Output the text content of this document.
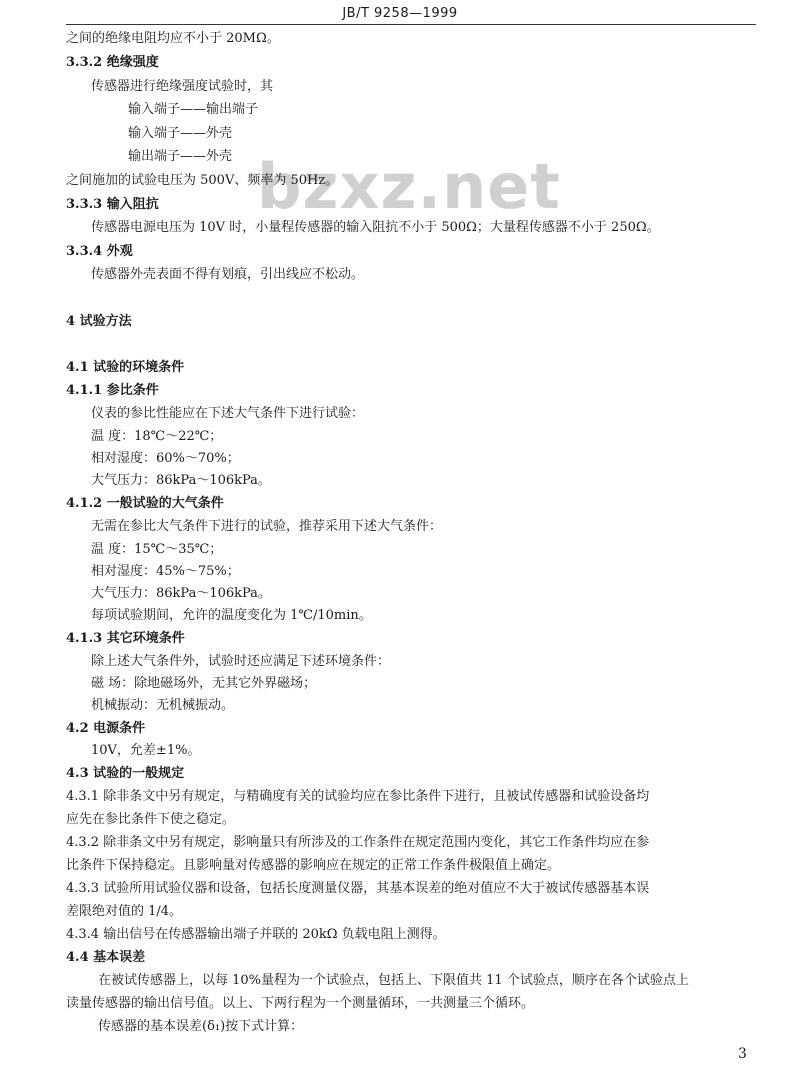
JB/T 9258—1999
bzxz.net
之间的绝缘电阻均应不小于 20MΩ。
3.3.2 绝缘强度
传感器进行绝缘强度试验时，其
输入端子——输出端子
输入端子——外壳
输出端子——外壳
之间施加的试验电压为 500V、频率为 50Hz。
3.3.3 输入阻抗
传感器电源电压为 10V 时，小量程传感器的输入阻抗不小于 500Ω；大量程传感器不小于 250Ω。
3.3.4 外观
传感器外壳表面不得有划痕，引出线应不松动。
4 试验方法
4.1 试验的环境条件
4.1.1 参比条件
仪表的参比性能应在下述大气条件下进行试验：
温 度：18℃～22℃；
相对湿度：60%～70%；
大气压力：86kPa～106kPa。
4.1.2 一般试验的大气条件
无需在参比大气条件下进行的试验，推荐采用下述大气条件：
温 度：15℃～35℃；
相对湿度：45%～75%；
大气压力：86kPa～106kPa。
每项试验期间，允许的温度变化为 1℃/10min。
4.1.3 其它环境条件
除上述大气条件外，试验时还应满足下述环境条件：
磁 场：除地磁场外，无其它外界磁场；
机械振动：无机械振动。
4.2 电源条件
10V，允差±1%。
4.3 试验的一般规定
4.3.1 除非条文中另有规定，与精确度有关的试验均应在参比条件下进行，且被试传感器和试验设备均
应先在参比条件下使之稳定。
4.3.2 除非条文中另有规定，影响量只有所涉及的工作条件在规定范围内变化，其它工作条件均应在参
比条件下保持稳定。且影响量对传感器的影响应在规定的正常工作条件极限值上确定。
4.3.3 试验所用试验仪器和设备，包括长度测量仪器，其基本误差的绝对值应不大于被试传感器基本误
差限绝对值的 1/4。
4.3.4 输出信号在传感器输出端子并联的 20kΩ 负载电阻上测得。
4.4 基本误差
在被试传感器上，以每 10%量程为一个试验点，包括上、下限值共 11 个试验点，顺序在各个试验点上
读量传感器的输出信号值。以上、下两行程为一个测量循环，一共测量三个循环。
传感器的基本误差(δ₁)按下式计算：
3
